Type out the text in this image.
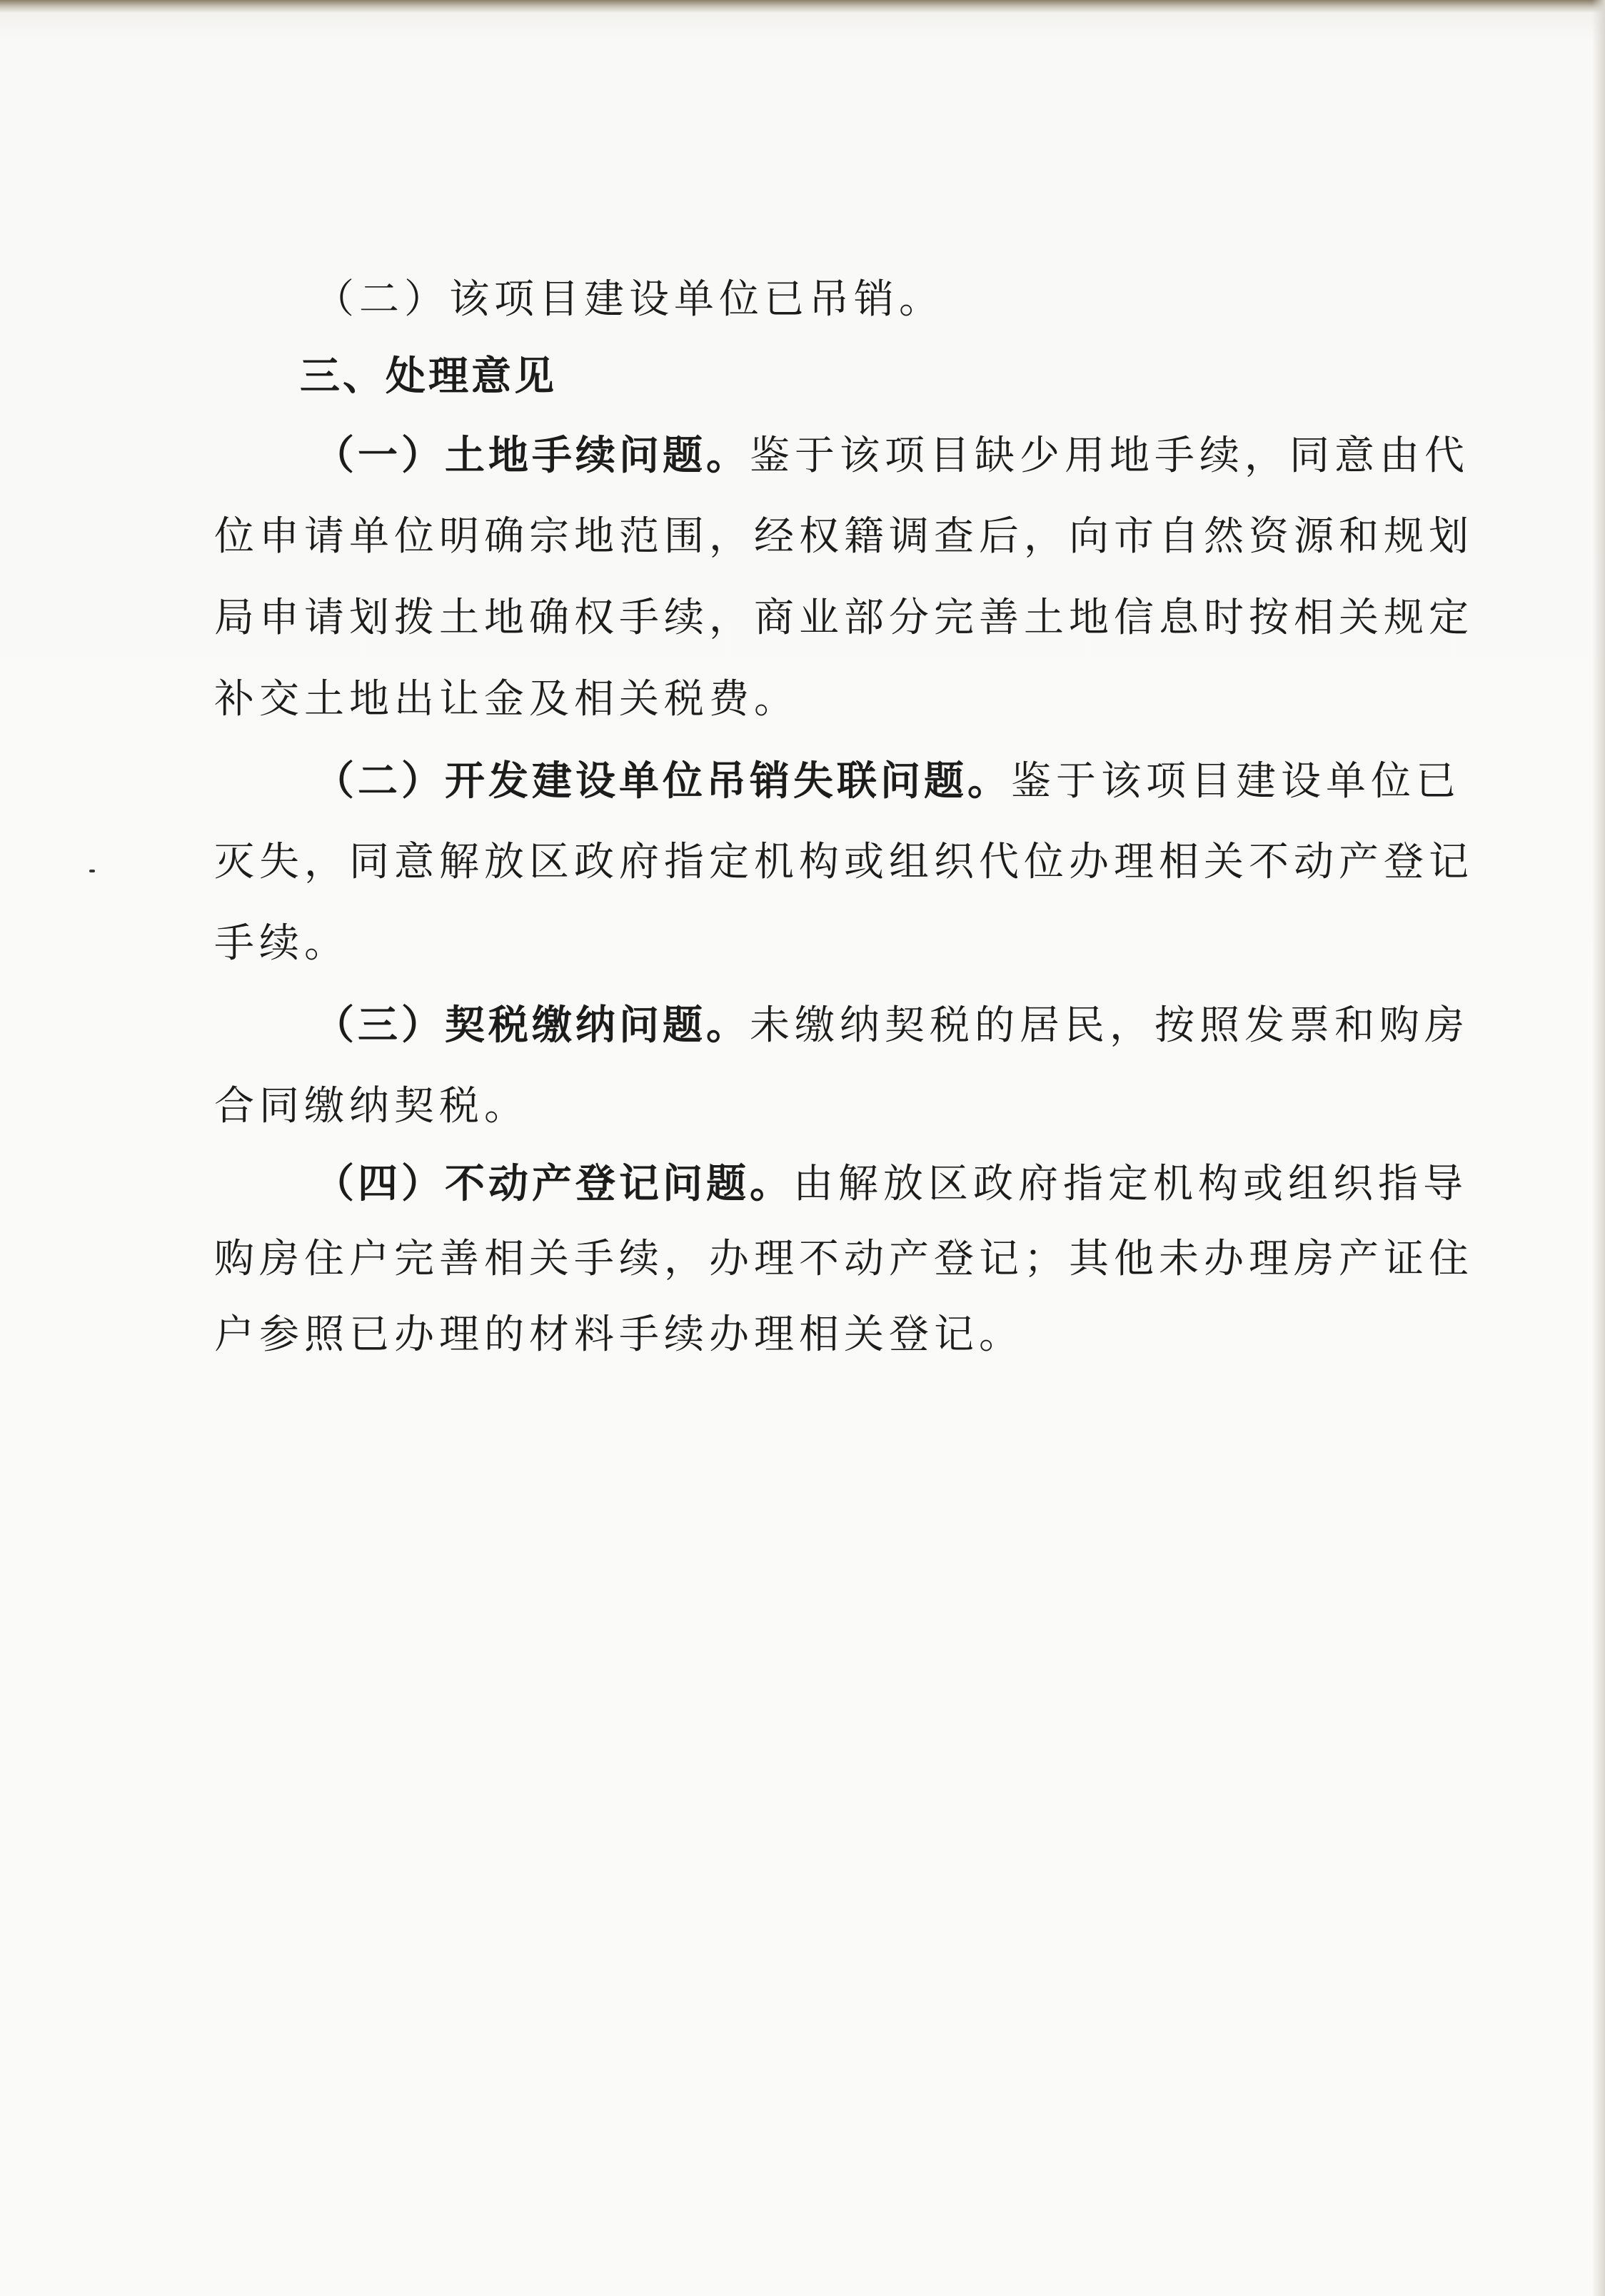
（二）该项目建设单位已吊销。
三、处理意见
（一）土地手续问题。鉴于该项目缺少用地手续，同意由代
位申请单位明确宗地范围，经权籍调查后，向市自然资源和规划
局申请划拨土地确权手续，商业部分完善土地信息时按相关规定
补交土地出让金及相关税费。
（二）开发建设单位吊销失联问题。鉴于该项目建设单位已
灭失，同意解放区政府指定机构或组织代位办理相关不动产登记
手续。
（三）契税缴纳问题。未缴纳契税的居民，按照发票和购房
合同缴纳契税。
（四）不动产登记问题。由解放区政府指定机构或组织指导
购房住户完善相关手续，办理不动产登记；其他未办理房产证住
户参照已办理的材料手续办理相关登记。
